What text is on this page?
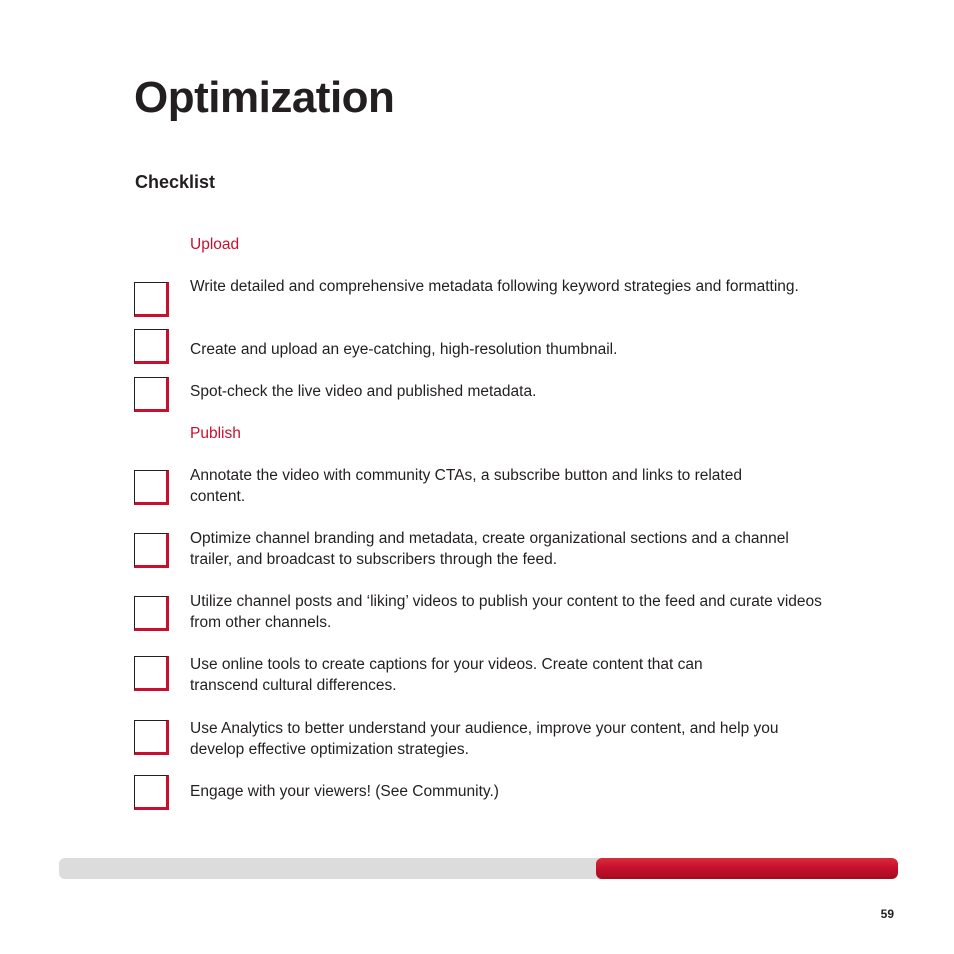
Optimization
Checklist
Upload
Write detailed and comprehensive metadata following keyword strategies and formatting.
Create and upload an eye-catching, high-resolution thumbnail.
Spot-check the live video and published metadata.
Publish
Annotate the video with community CTAs, a subscribe button and links to related content.
Optimize channel branding and metadata, create organizational sections and a channel trailer, and broadcast to subscribers through the feed.
Utilize channel posts and ‘liking’ videos to publish your content to the feed and curate videos from other channels.
Use online tools to create captions for your videos. Create content that can transcend cultural differences.
Use Analytics to better understand your audience, improve your content, and help you develop effective optimization strategies.
Engage with your viewers! (See Community.)
59
